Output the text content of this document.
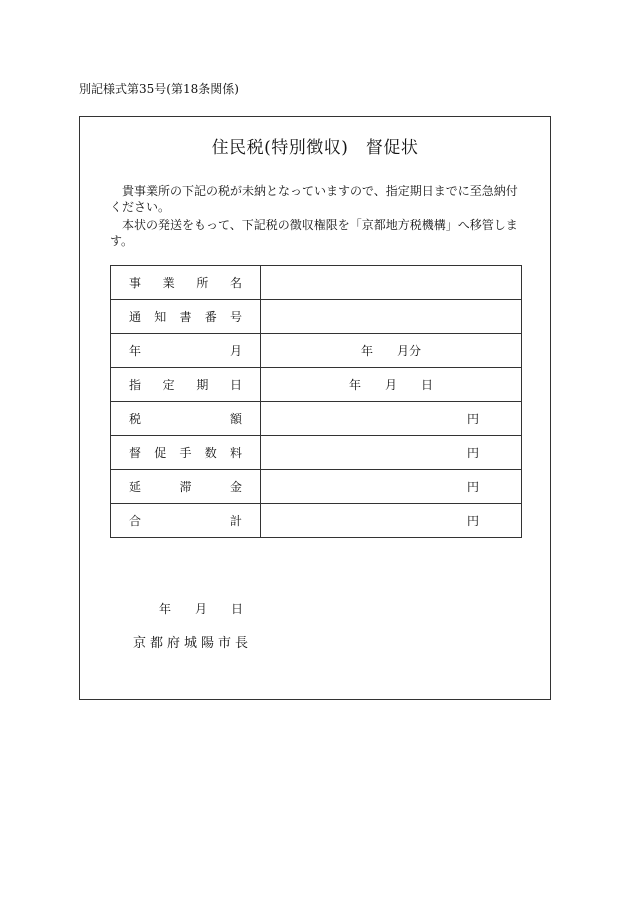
別記様式第35号(第18条関係)
住民税(特別徴収)　督促状
　貴事業所の下記の税が未納となっていますので、指定期日までに至急納付
ください。
　本状の発送をもって、下記税の徴収権限を「京都地方税機構」へ移管しま
す。
事 業 所 名	

通 知 書 番 号	

年 月	年　　月分

指 定 期 日	年　　月　　日

税 額	円

督 促 手 数 料	円

延 滞 金	円

合 計	円
年　　月　　日
京都府城陽市長
